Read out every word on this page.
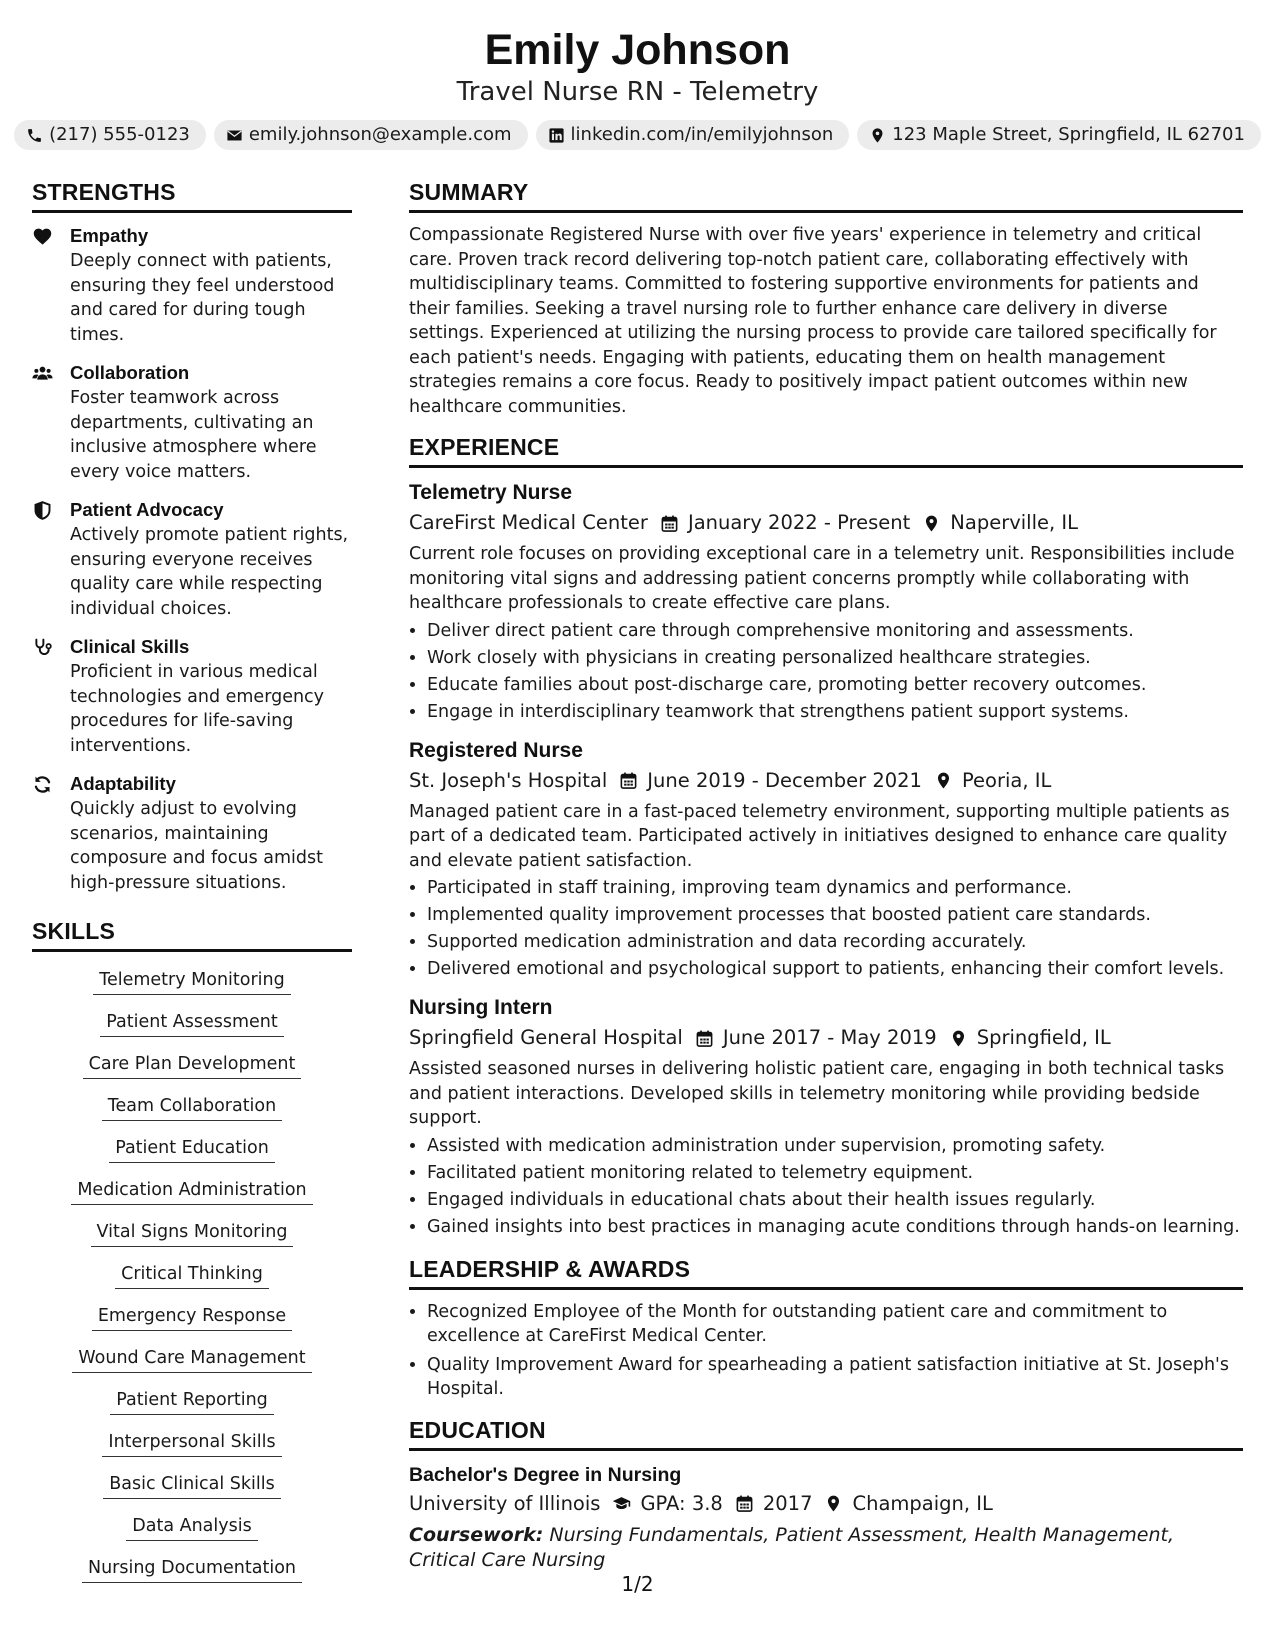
Emily Johnson
Travel Nurse RN - Telemetry
(217) 555-0123	emily.johnson@example.com	linkedin.com/in/emilyjohnson	123 Maple Street, Springfield, IL 62701
STRENGTHS
Empathy
Deeply connect with patients, ensuring they feel understood and cared for during tough times.
Collaboration
Foster teamwork across departments, cultivating an inclusive atmosphere where every voice matters.
Patient Advocacy
Actively promote patient rights, ensuring everyone receives quality care while respecting individual choices.
Clinical Skills
Proficient in various medical technologies and emergency procedures for life-saving interventions.
Adaptability
Quickly adjust to evolving scenarios, maintaining composure and focus amidst high-pressure situations.
SKILLS
Telemetry Monitoring
Patient Assessment
Care Plan Development
Team Collaboration
Patient Education
Medication Administration
Vital Signs Monitoring
Critical Thinking
Emergency Response
Wound Care Management
Patient Reporting
Interpersonal Skills
Basic Clinical Skills
Data Analysis
Nursing Documentation
SUMMARY

Compassionate Registered Nurse with over five years' experience in telemetry and critical care. Proven track record delivering top-notch patient care, collaborating effectively with multidisciplinary teams. Committed to fostering supportive environments for patients and their families. Seeking a travel nursing role to further enhance care delivery in diverse settings. Experienced at utilizing the nursing process to provide care tailored specifically for each patient's needs. Engaging with patients, educating them on health management strategies remains a core focus. Ready to positively impact patient outcomes within new healthcare communities.

EXPERIENCE
Telemetry Nurse
CareFirst Medical Center January 2022 - Present Naperville, IL

Current role focuses on providing exceptional care in a telemetry unit. Responsibilities include monitoring vital signs and addressing patient concerns promptly while collaborating with healthcare professionals to create effective care plans.

• Deliver direct patient care through comprehensive monitoring and assessments.
• Work closely with physicians in creating personalized healthcare strategies.
• Educate families about post-discharge care, promoting better recovery outcomes.
• Engage in interdisciplinary teamwork that strengthens patient support systems.
Registered Nurse
St. Joseph's Hospital June 2019 - December 2021 Peoria, IL

Managed patient care in a fast-paced telemetry environment, supporting multiple patients as part of a dedicated team. Participated actively in initiatives designed to enhance care quality and elevate patient satisfaction.

• Participated in staff training, improving team dynamics and performance.
• Implemented quality improvement processes that boosted patient care standards.
• Supported medication administration and data recording accurately.
• Delivered emotional and psychological support to patients, enhancing their comfort levels.
Nursing Intern
Springfield General Hospital June 2017 - May 2019 Springfield, IL

Assisted seasoned nurses in delivering holistic patient care, engaging in both technical tasks and patient interactions. Developed skills in telemetry monitoring while providing bedside support.

• Assisted with medication administration under supervision, promoting safety.
• Facilitated patient monitoring related to telemetry equipment.
• Engaged individuals in educational chats about their health issues regularly.
• Gained insights into best practices in managing acute conditions through hands-on learning.
LEADERSHIP & AWARDS
• Recognized Employee of the Month for outstanding patient care and commitment to excellence at CareFirst Medical Center.
• Quality Improvement Award for spearheading a patient satisfaction initiative at St. Joseph's Hospital.
EDUCATION
Bachelor's Degree in Nursing
University of Illinois GPA: 3.8 2017 Champaign, IL
Coursework: Nursing Fundamentals, Patient Assessment, Health Management, Critical Care Nursing
1/2
